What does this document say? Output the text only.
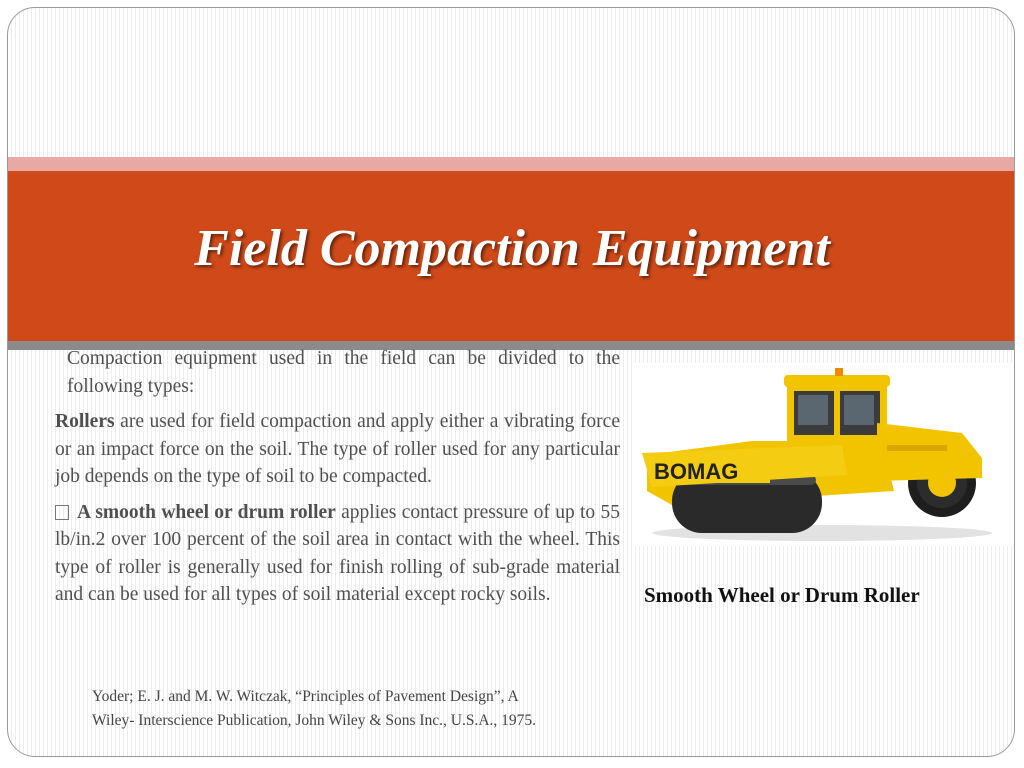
Field Compaction Equipment

Compaction equipment used in the field can be divided to the following types:

Rollers are used for field compaction and apply either a vibrating force or an impact force on the soil. The type of roller used for any particular job depends on the type of soil to be compacted.

A smooth wheel or drum roller applies contact pressure of up to 55 lb/in.2 over 100 percent of the soil area in contact with the wheel. This type of roller is generally used for finish rolling of sub-grade material and can be used for all types of soil material except rocky soils.

Yoder; E. J. and M. W. Witczak, “Principles of Pavement Design”, A

Wiley- Interscience Publication, John Wiley & Sons Inc., U.S.A., 1975.

BOMAG
Smooth Wheel or Drum Roller
